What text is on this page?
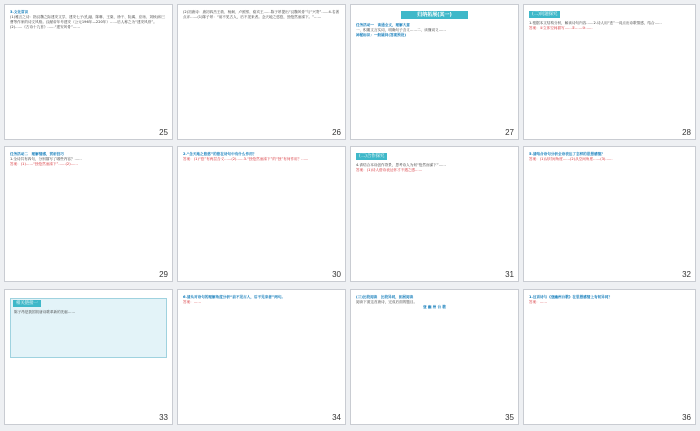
3.文化常识
(1)雅言之诗：指汉魏之际建安文学，建安七子(孔融、陈琳、王粲、徐干、阮瑀、应玚、刘桢)和三曹等作家的诗文风格。汉献帝年号建安（公元196年—220年）……后人称之为“建安风骨”。(2)……《古诗十九首》……“建安风骨”……
25
(2)初唐诗：唐初四杰王勃、杨炯、卢照邻、骆宾王……陈子昂提出“汉魏风骨”与“兴寄”……4.名著点评……(1)陈子昂：“前不见古人，后不见来者。念天地之悠悠，独怆然而涕下。”……
26
归纳拓展(其一)
任务活动一　读通全文，理解大意
一、积累文言实词，明确句子含义……二、读懂词义……
神秘标识：一般疑问(答案预设)
27
(二)问题探究
1.根据本文结构分析，解读诗句内容……2.诗人用“悲”一词点出诗歌情感，结合……
答案：①立体空间描写……②……③……
28
任务活动二　理解情感，赏析技巧
1.全诗共有四句，分别描写了哪些内容？……
答案：(1)……“独怆然而涕下”……(2)……
29
2.“念天地之悠悠”的悠在诗句中有什么作用？
答案：(1)“悠”有两层含义……(2)……3.“独怆然而涕下”的“独”有何作用？……
30
(二)合作探究
4.请结合本诗创作背景，思考诗人为何“怆然而涕下”……
答案：(1)诗人借诗表达怀才不遇之感……
31
5.请结合诗句分析全诗表达了怎样的思想感情？
答案：(1)从时间角度……(2)从空间角度……(3)……
32
相关链接一
陈子昂是我国初唐诗歌革新的先驱……
33
6.请从对诗句的理解角度分析“前不见古人，后不见来者”两句。
答案：……
34
(三)比较阅读　比较异同，拓展阅读
阅读下面这首唐诗，完成后面的题目。

登 幽 州 台 歌
35
1.这首诗与《登幽州台歌》在思想感情上有何异同？
答案：……
36
